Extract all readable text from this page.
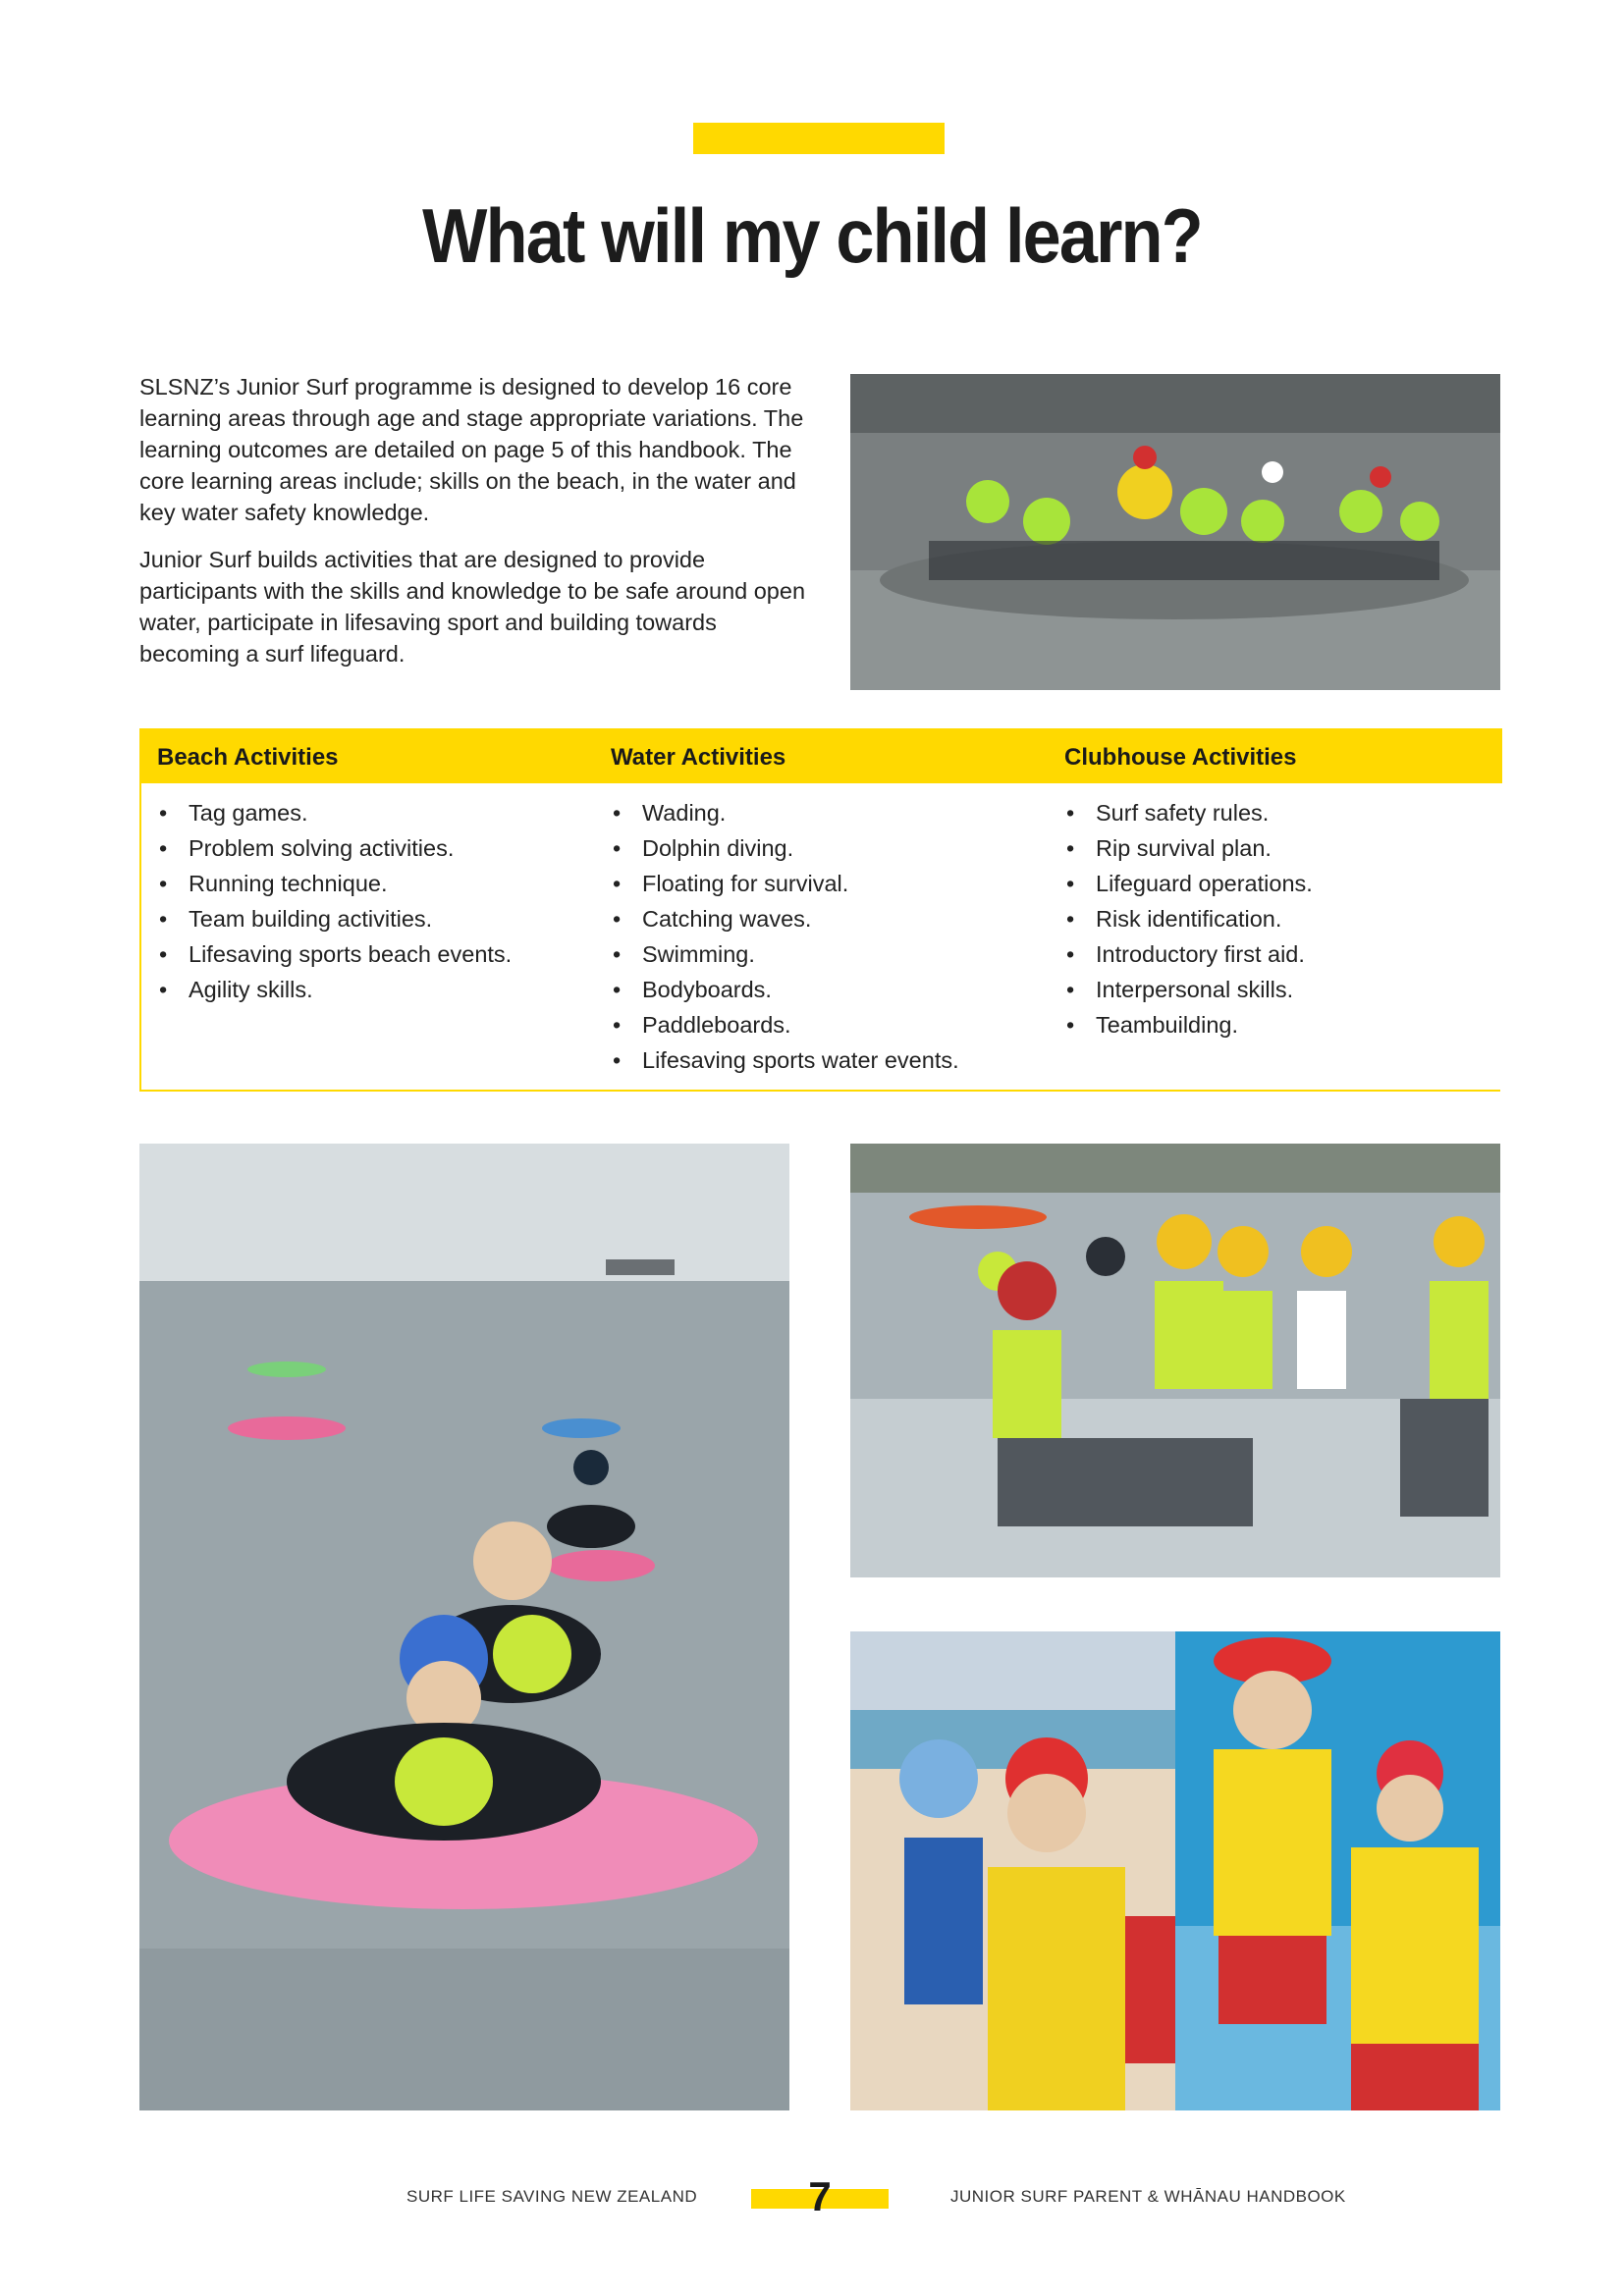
What will my child learn?

SLSNZ’s Junior Surf programme is designed to develop 16 core learning areas through age and stage appropriate variations. The learning outcomes are detailed on page 5 of this handbook. The core learning areas include; skills on the beach, in the water and key water safety knowledge.

Junior Surf builds activities that are designed to provide participants with the skills and knowledge to be safe around open water, participate in lifesaving sport and building towards becoming a surf lifeguard.

Beach Activities
• Tag games.
• Problem solving activities.
• Running technique.
• Team building activities.
• Lifesaving sports beach events.
• Agility skills.
Water Activities
• Wading.
• Dolphin diving.
• Floating for survival.
• Catching waves.
• Swimming.
• Bodyboards.
• Paddleboards.
• Lifesaving sports water events.
Clubhouse Activities
• Surf safety rules.
• Rip survival plan.
• Lifeguard operations.
• Risk identification.
• Introductory first aid.
• Interpersonal skills.
• Teambuilding.
SURF LIFE SAVING NEW ZEALAND	7	JUNIOR SURF PARENT & WHĀNAU HANDBOOK
